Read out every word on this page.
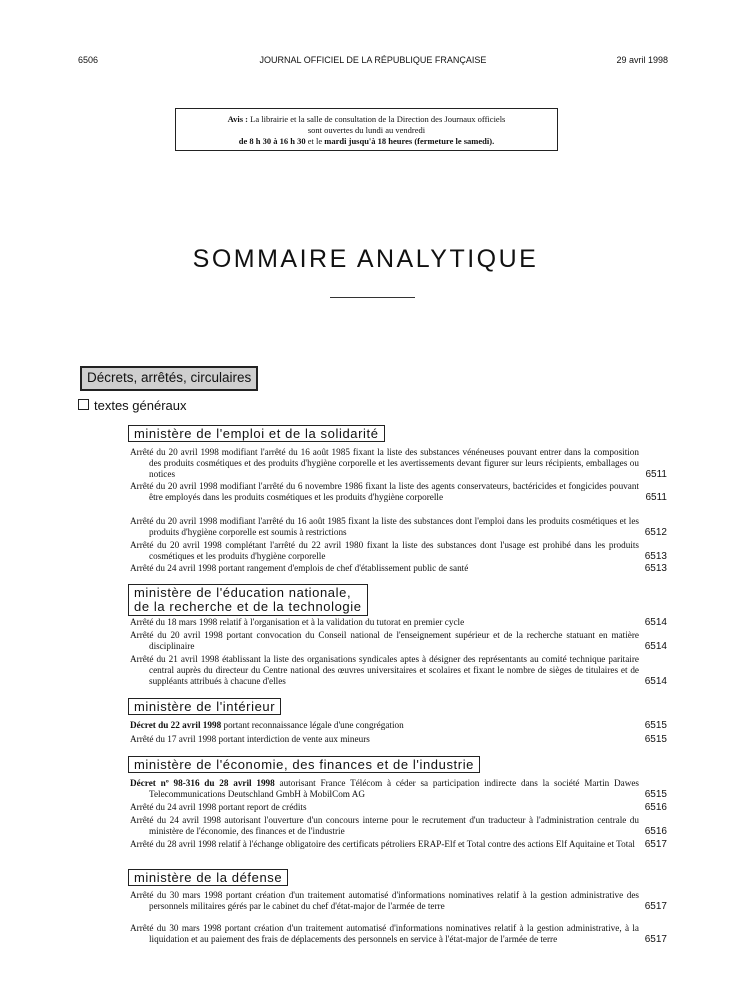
6506	JOURNAL OFFICIEL DE LA RÉPUBLIQUE FRANÇAISE	29 avril 1998
Avis : La librairie et la salle de consultation de la Direction des Journaux officiels
sont ouvertes du lundi au vendredi
de 8 h 30 à 16 h 30 et le mardi jusqu'à 18 heures (fermeture le samedi).
SOMMAIRE ANALYTIQUE
Décrets, arrêtés, circulaires
textes généraux
ministère de l'emploi et de la solidarité
Arrêté du 20 avril 1998 modifiant l'arrêté du 16 août 1985 fixant la liste des substances vénéneuses pouvant entrer dans la composition des produits cosmétiques et des produits d'hygiène corporelle et les avertissements devant figurer sur leurs récipients, emballages ou notices	6511
Arrêté du 20 avril 1998 modifiant l'arrêté du 6 novembre 1986 fixant la liste des agents conservateurs, bactéricides et fongicides pouvant être employés dans les produits cosmétiques et les produits d'hygiène corporelle	6511
Arrêté du 20 avril 1998 modifiant l'arrêté du 16 août 1985 fixant la liste des substances dont l'emploi dans les produits cosmétiques et les produits d'hygiène corporelle est soumis à restrictions	6512
Arrêté du 20 avril 1998 complétant l'arrêté du 22 avril 1980 fixant la liste des substances dont l'usage est prohibé dans les produits cosmétiques et les produits d'hygiène corporelle	6513
Arrêté du 24 avril 1998 portant rangement d'emplois de chef d'établissement public de santé	6513
ministère de l'éducation nationale,
de la recherche et de la technologie
Arrêté du 18 mars 1998 relatif à l'organisation et à la validation du tutorat en premier cycle	6514
Arrêté du 20 avril 1998 portant convocation du Conseil national de l'enseignement supérieur et de la recherche statuant en matière disciplinaire	6514
Arrêté du 21 avril 1998 établissant la liste des organisations syndicales aptes à désigner des représentants au comité technique paritaire central auprès du directeur du Centre national des œuvres universitaires et scolaires et fixant le nombre de sièges de titulaires et de suppléants attribués à chacune d'elles	6514
ministère de l'intérieur
Décret du 22 avril 1998 portant reconnaissance légale d'une congrégation	6515
Arrêté du 17 avril 1998 portant interdiction de vente aux mineurs	6515
ministère de l'économie, des finances et de l'industrie
Décret nº 98-316 du 28 avril 1998 autorisant France Télécom à céder sa participation indirecte dans la société Martin Dawes Telecommunications Deutschland GmbH à MobilCom AG	6515
Arrêté du 24 avril 1998 portant report de crédits	6516
Arrêté du 24 avril 1998 autorisant l'ouverture d'un concours interne pour le recrutement d'un traducteur à l'administration centrale du ministère de l'économie, des finances et de l'industrie	6516
Arrêté du 28 avril 1998 relatif à l'échange obligatoire des certificats pétroliers ERAP-Elf et Total contre des actions Elf Aquitaine et Total 6517
ministère de la défense
Arrêté du 30 mars 1998 portant création d'un traitement automatisé d'informations nominatives relatif à la gestion administrative des personnels militaires gérés par le cabinet du chef d'état-major de l'armée de terre	6517
Arrêté du 30 mars 1998 portant création d'un traitement automatisé d'informations nominatives relatif à la gestion administrative, à la liquidation et au paiement des frais de déplacements des personnels en service à l'état-major de l'armée de terre	6517
